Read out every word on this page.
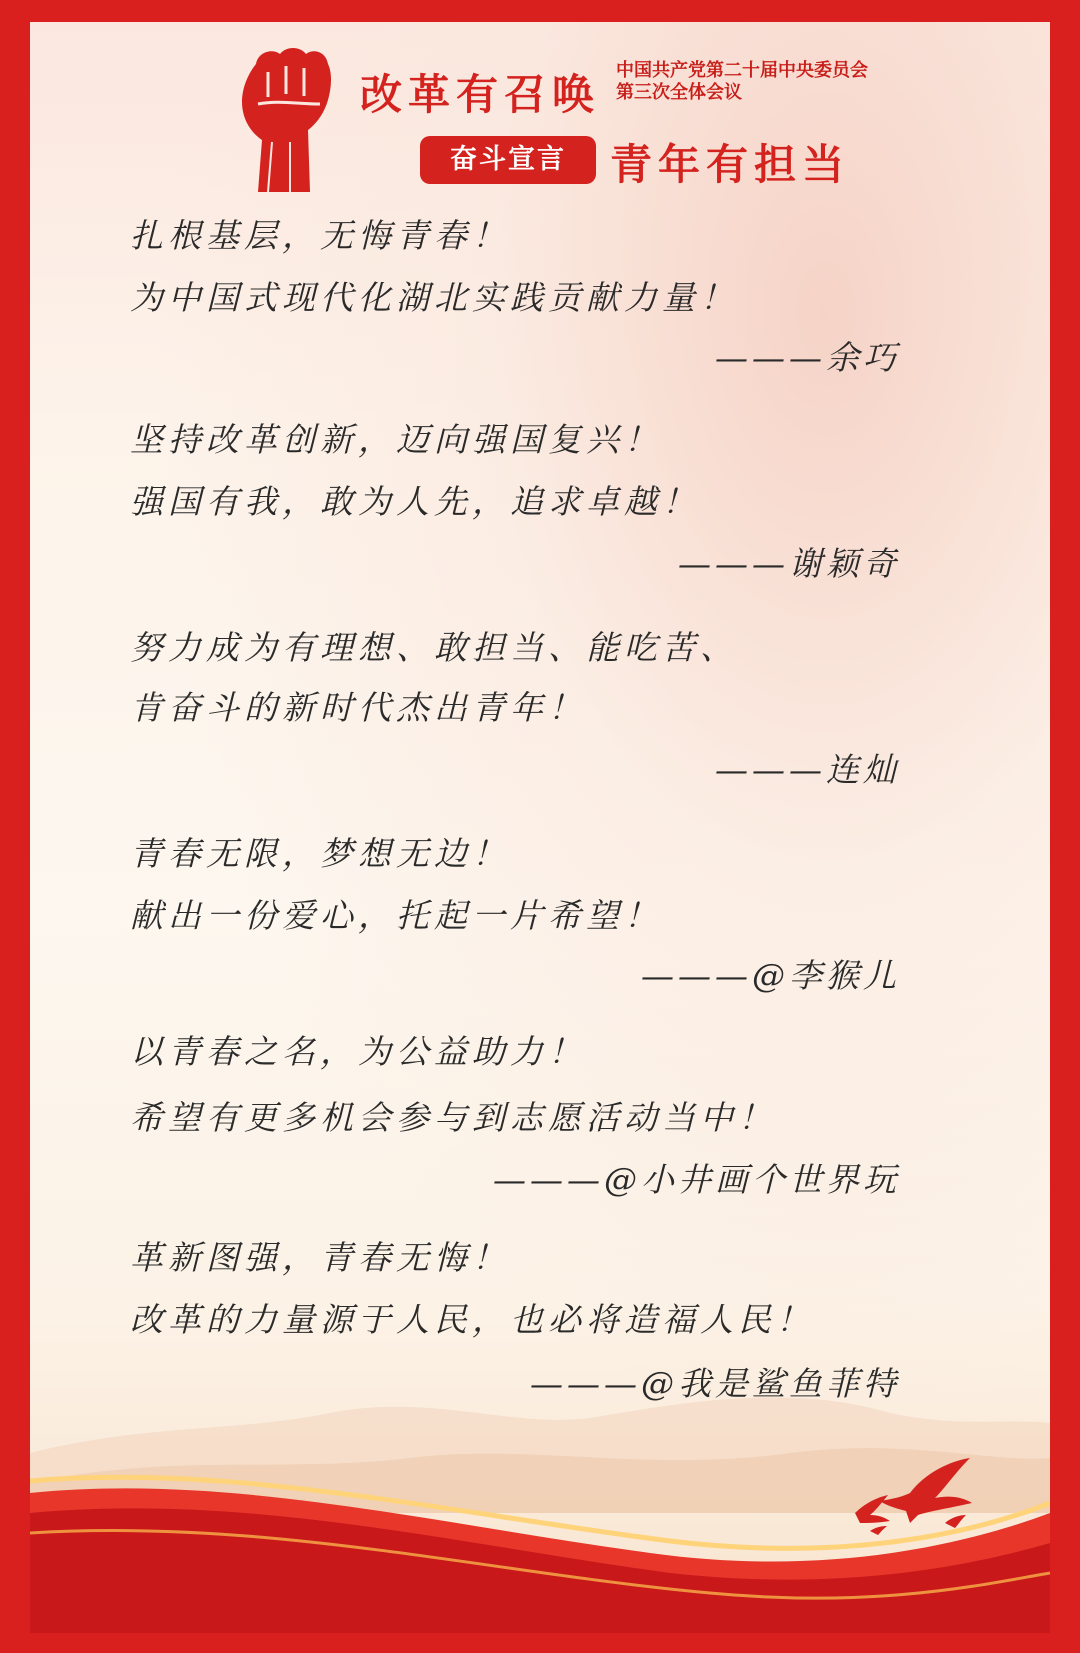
改革有召唤 中国共产党第二十届中央委员会
第三次全体会议
奋斗宣言	青年有担当
扎根基层，无悔青春！
为中国式现代化湖北实践贡献力量！
———余巧
坚持改革创新，迈向强国复兴！
强国有我，敢为人先，追求卓越！
———谢颖奇
努力成为有理想、敢担当、能吃苦、
肯奋斗的新时代杰出青年！
———连灿
青春无限，梦想无边！
献出一份爱心，托起一片希望！
———@李猴儿
以青春之名，为公益助力！
希望有更多机会参与到志愿活动当中！
———@小井画个世界玩
革新图强，青春无悔！
改革的力量源于人民，也必将造福人民！
———@我是鲨鱼菲特
